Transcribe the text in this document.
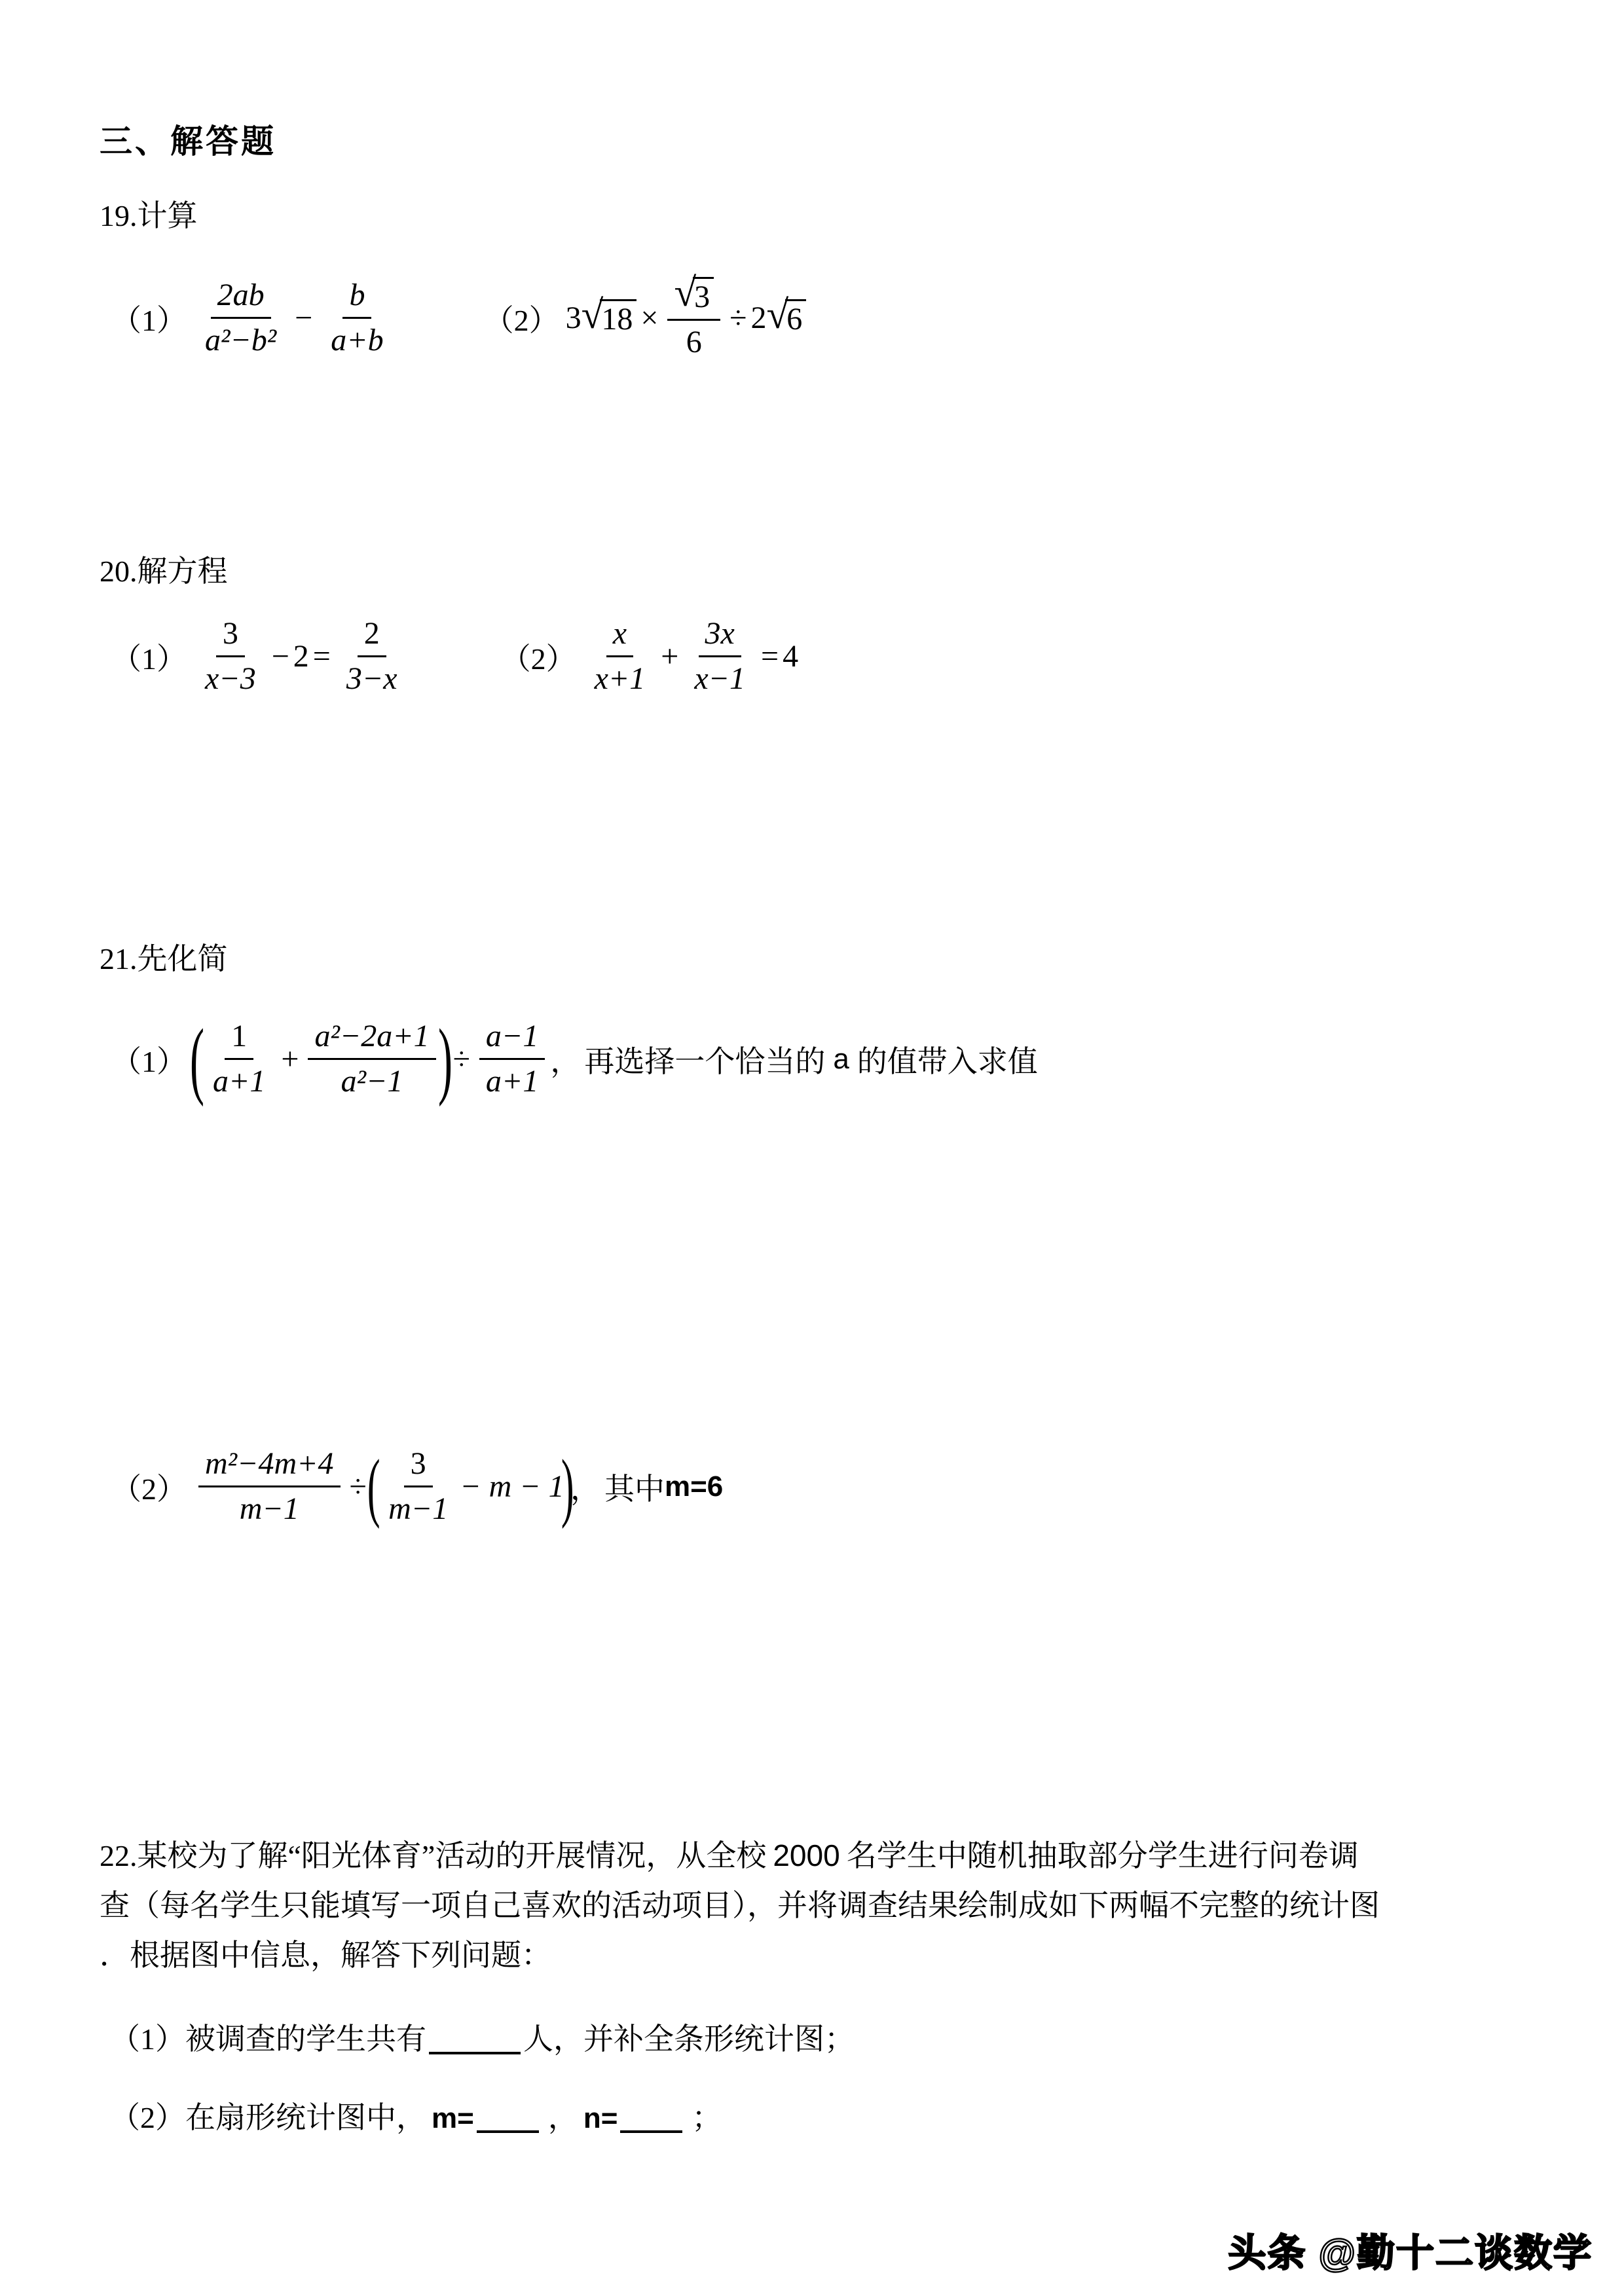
三、解答题
19.计算
$(1) \frac{2ab}{\text{a²−b²}} - \frac{b}{a+b}$	（2） 3 √
18 × √
3
6 ÷ 2 √
6
20.解方程
$(1) \frac{3}{x-3} - 2 = \frac{2}{3-x}$	$(2) \frac{x}{x+1} + \frac{3x}{x-1} = 4$
21.先化简
（1） ( $\frac{1}{a+1} + \frac{\text{a²−2a+1}}{\text{a²−1}}$ ) ÷ $\frac{a-1}{a+1}$ ， 再选择一个恰当的 a 的值带入求值
$(2) \frac{\text{m²−4m+4}}{m-1}$ ÷ ( $\frac{3}{m-1} - m - 1$
)
， 其中 m=6
22.某校为了解“阳光体育”活动的开展情况，从全校 2000 名学生中随机抽取部分学生进行问卷调
查（每名学生只能填写一项自己喜欢的活动项目），并将调查结果绘制成如下两幅不完整的统计图
．根据图中信息，解答下列问题：
（1）被调查的学生共有	人，并补全条形统计图；
（2）在扇形统计图中， m= ， n= ；
头条 @勤十二谈数学
